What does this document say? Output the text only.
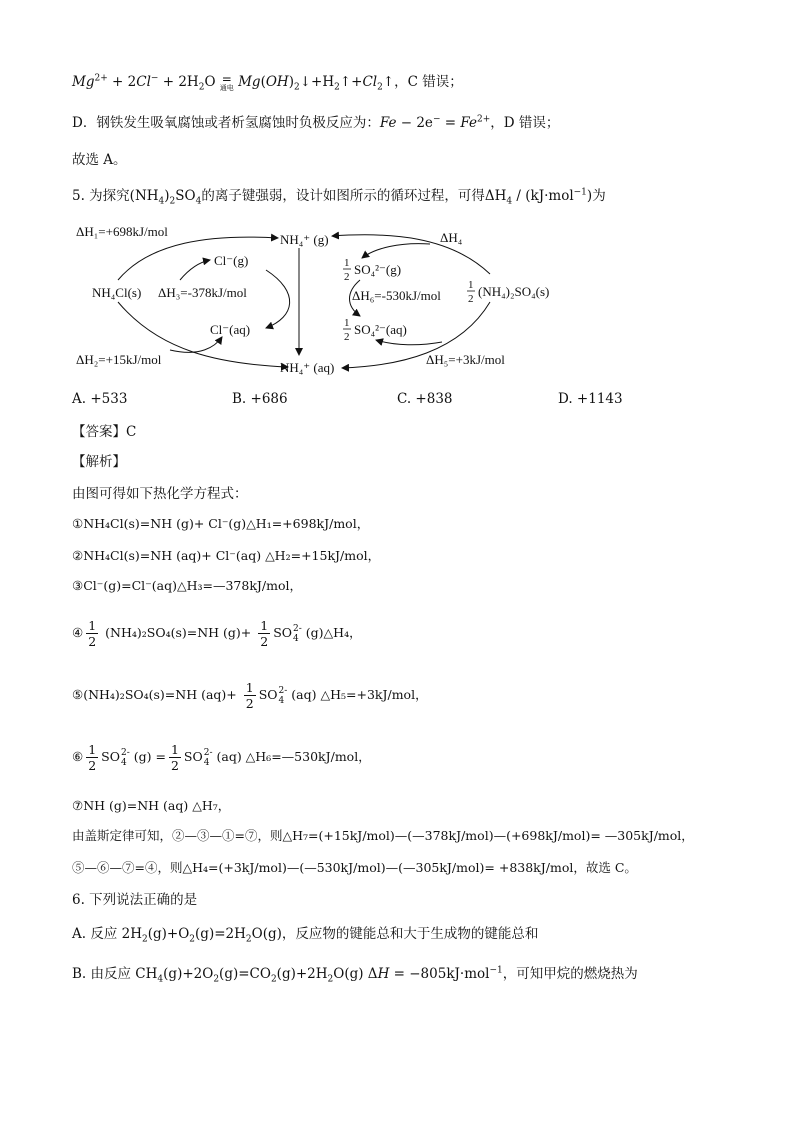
$Mg^{2+} + 2Cl^- + 2H_2O$ =
通电 $Mg(OH)_2↓+H_2↑+Cl_2↑$，C 错误；
D．钢铁发生吸氧腐蚀或者析氢腐蚀时负极反应为：$Fe - 2e^- = Fe^{2+}$，D 错误；
故选 A。
5. 为探究$(NH_4)_2SO_4$的离子键强弱，设计如图所示的循环过程，可得$\Delta H_4 / (kJ\cdot mol^{-1})$为
ΔH₁=+698kJ/mol
ΔH₂=+15kJ/mol
ΔH₃=-378kJ/mol
NH₄Cl(s)
Cl⁻(g)
Cl⁻(aq)
NH₄⁺ (g)
NH₄⁺ (aq)
ΔH₄
ΔH₆=-530kJ/mol
ΔH₅=+3kJ/mol
1
2 SO₄²⁻(g)
1
2 SO₄²⁻(aq)
1
2 (NH₄)₂SO₄(s)
A. +533	B. +686	C. +838	D. +1143
【答案】C
【解析】
由图可得如下热化学方程式：
①NH₄Cl(s)=NH (g)+ Cl⁻(g)△H₁=+698kJ/mol，
②NH₄Cl(s)=NH (aq)+ Cl⁻(aq) △H₂=+15kJ/mol，
③Cl⁻(g)=Cl⁻(aq)△H₃=—378kJ/mol，
④ $\frac{1}{2} (NH_4)_2SO_4(s)=NH$ $(g)+ \frac{1}{2}$ SO 2-
4 (g)△H₄，
⑤(NH₄)₂SO₄(s)=NH $(aq)+ \frac{1}{2}$ SO 2-
4 (aq) △H₅=+3kJ/mol，
⑥ $\frac{1}{2}$ SO 2-
4 $(g) = \frac{1}{2}$ SO 2-
4 (aq) △H₆=—530kJ/mol，
⑦NH (g)=NH (aq) △H₇，
由盖斯定律可知，②—③—①=⑦，则△H₇=(+15kJ/mol)—(—378kJ/mol)—(+698kJ/mol)= —305kJ/mol，
⑤—⑥—⑦=④，则△H₄=(+3kJ/mol)—(—530kJ/mol)—(—305kJ/mol)= +838kJ/mol，故选 C。
6. 下列说法正确的是
A. 反应 $2H_2(g)+O_2(g)=2H_2O(g)$，反应物的键能总和大于生成物的键能总和
B. 由反应 $CH_4(g)+2O_2(g)=CO_2(g)+2H_2O(g) \Delta H = -805kJ\cdot mol^{-1}$，可知甲烷的燃烧热为
